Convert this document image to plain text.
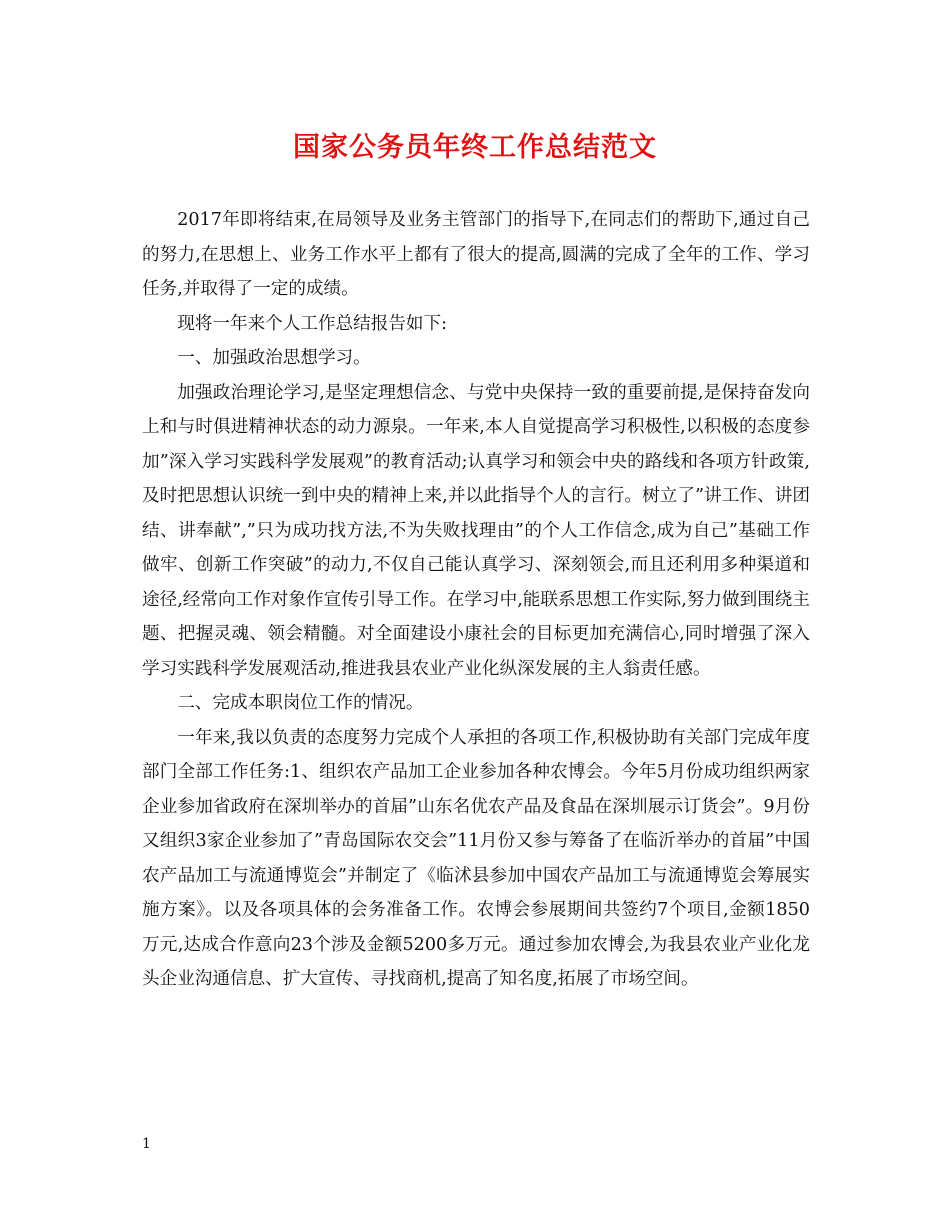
国家公务员年终工作总结范文

2017年即将结束,在局领导及业务主管部门的指导下,在同志们的帮助下,通过自己的努力,在思想上、业务工作水平上都有了很大的提高,圆满的完成了全年的工作、学习任务,并取得了一定的成绩。

现将一年来个人工作总结报告如下:

一、加强政治思想学习。

加强政治理论学习,是坚定理想信念、与党中央保持一致的重要前提,是保持奋发向上和与时俱进精神状态的动力源泉。一年来,本人自觉提高学习积极性,以积极的态度参加”深入学习实践科学发展观”的教育活动;认真学习和领会中央的路线和各项方针政策,及时把思想认识统一到中央的精神上来,并以此指导个人的言行。树立了”讲工作、讲团结、讲奉献”,”只为成功找方法,不为失败找理由”的个人工作信念,成为自己”基础工作做牢、创新工作突破”的动力,不仅自己能认真学习、深刻领会,而且还利用多种渠道和途径,经常向工作对象作宣传引导工作。在学习中,能联系思想工作实际,努力做到围绕主题、把握灵魂、领会精髓。对全面建设小康社会的目标更加充满信心,同时增强了深入学习实践科学发展观活动,推进我县农业产业化纵深发展的主人翁责任感。

二、完成本职岗位工作的情况。

一年来,我以负责的态度努力完成个人承担的各项工作,积极协助有关部门完成年度部门全部工作任务:1、组织农产品加工企业参加各种农博会。今年5月份成功组织两家企业参加省政府在深圳举办的首届”山东名优农产品及食品在深圳展示订货会”。9月份又组织3家企业参加了”青岛国际农交会”11月份又参与筹备了在临沂举办的首届”中国农产品加工与流通博览会”并制定了《临沭县参加中国农产品加工与流通博览会筹展实施方案》。以及各项具体的会务准备工作。农博会参展期间共签约7个项目,金额1850万元,达成合作意向23个涉及金额5200多万元。通过参加农博会,为我县农业产业化龙头企业沟通信息、扩大宣传、寻找商机,提高了知名度,拓展了市场空间。

1
